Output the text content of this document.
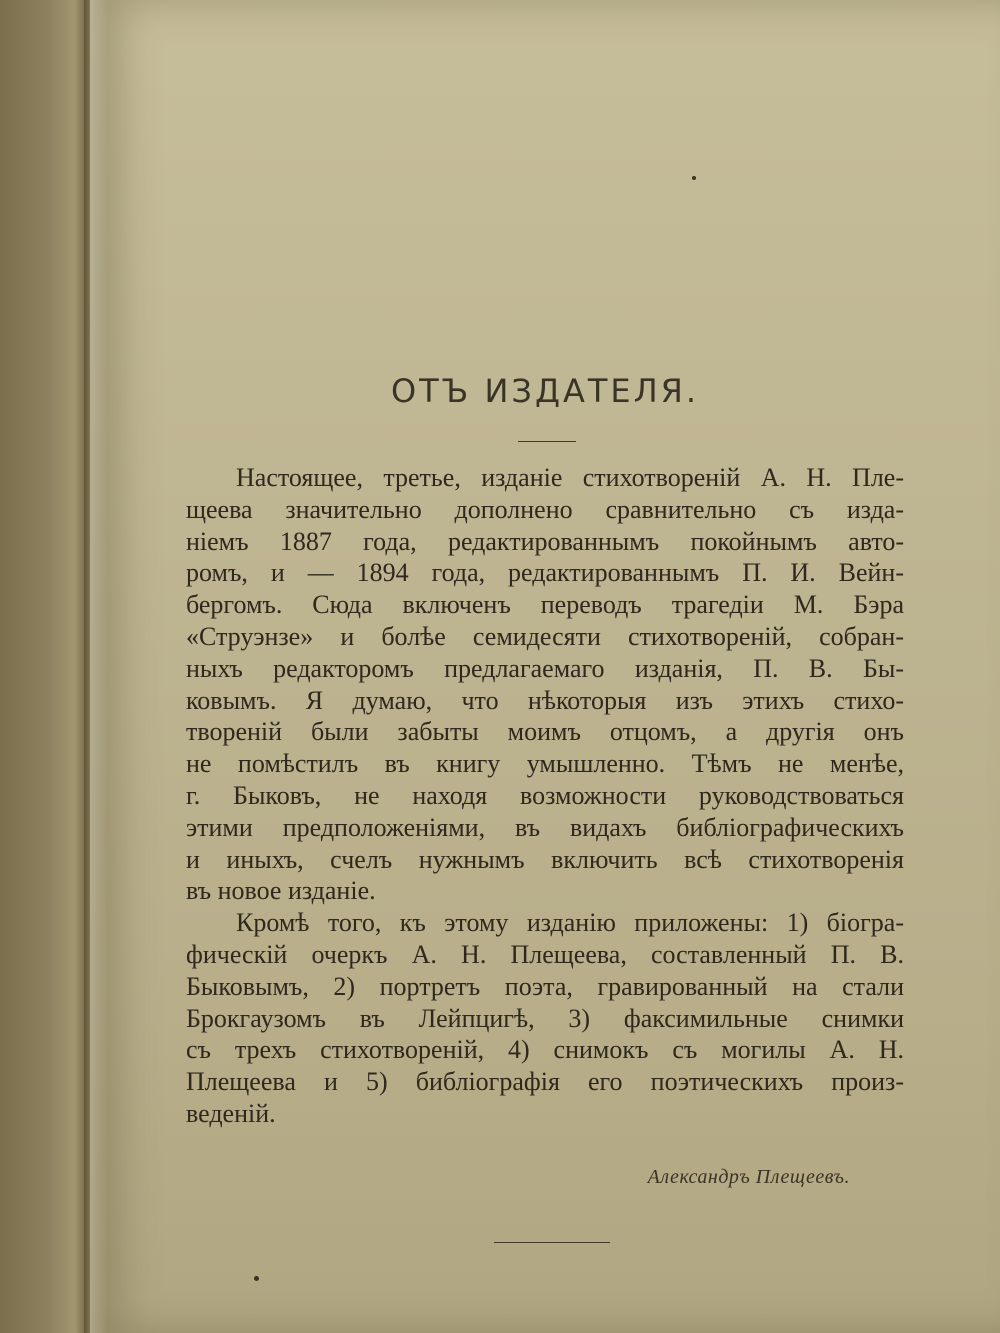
ОТЪ ИЗДАТЕЛЯ.
Настоящее, третье, изданіе стихотвореній А. Н. Пле-
щеева значительно дополнено сравнительно съ изда-
ніемъ 1887 года, редактированнымъ покойнымъ авто-
ромъ, и — 1894 года, редактированнымъ П. И. Вейн-
бергомъ. Сюда включенъ переводъ трагедіи М. Бэра
«Струэнзе» и болѣе семидесяти стихотвореній, собран-
ныхъ редакторомъ предлагаемаго изданія, П. В. Бы-
ковымъ. Я думаю, что нѣкоторыя изъ этихъ стихо-
твореній были забыты моимъ отцомъ, а другія онъ
не помѣстилъ въ книгу умышленно. Тѣмъ не менѣе,
г. Быковъ, не находя возможности руководствоваться
этими предположеніями, въ видахъ библіографическихъ
и иныхъ, счелъ нужнымъ включить всѣ стихотворенія
въ новое изданіе.
Кромѣ того, къ этому изданію приложены: 1) біогра-
фическій очеркъ А. Н. Плещеева, составленный П. В.
Быковымъ, 2) портретъ поэта, гравированный на стали
Брокгаузомъ въ Лейпцигѣ, 3) факсимильные снимки
съ трехъ стихотвореній, 4) снимокъ съ могилы А. Н.
Плещеева и 5) библіографія его поэтическихъ произ-
веденій.
Александръ Плещеевъ.
